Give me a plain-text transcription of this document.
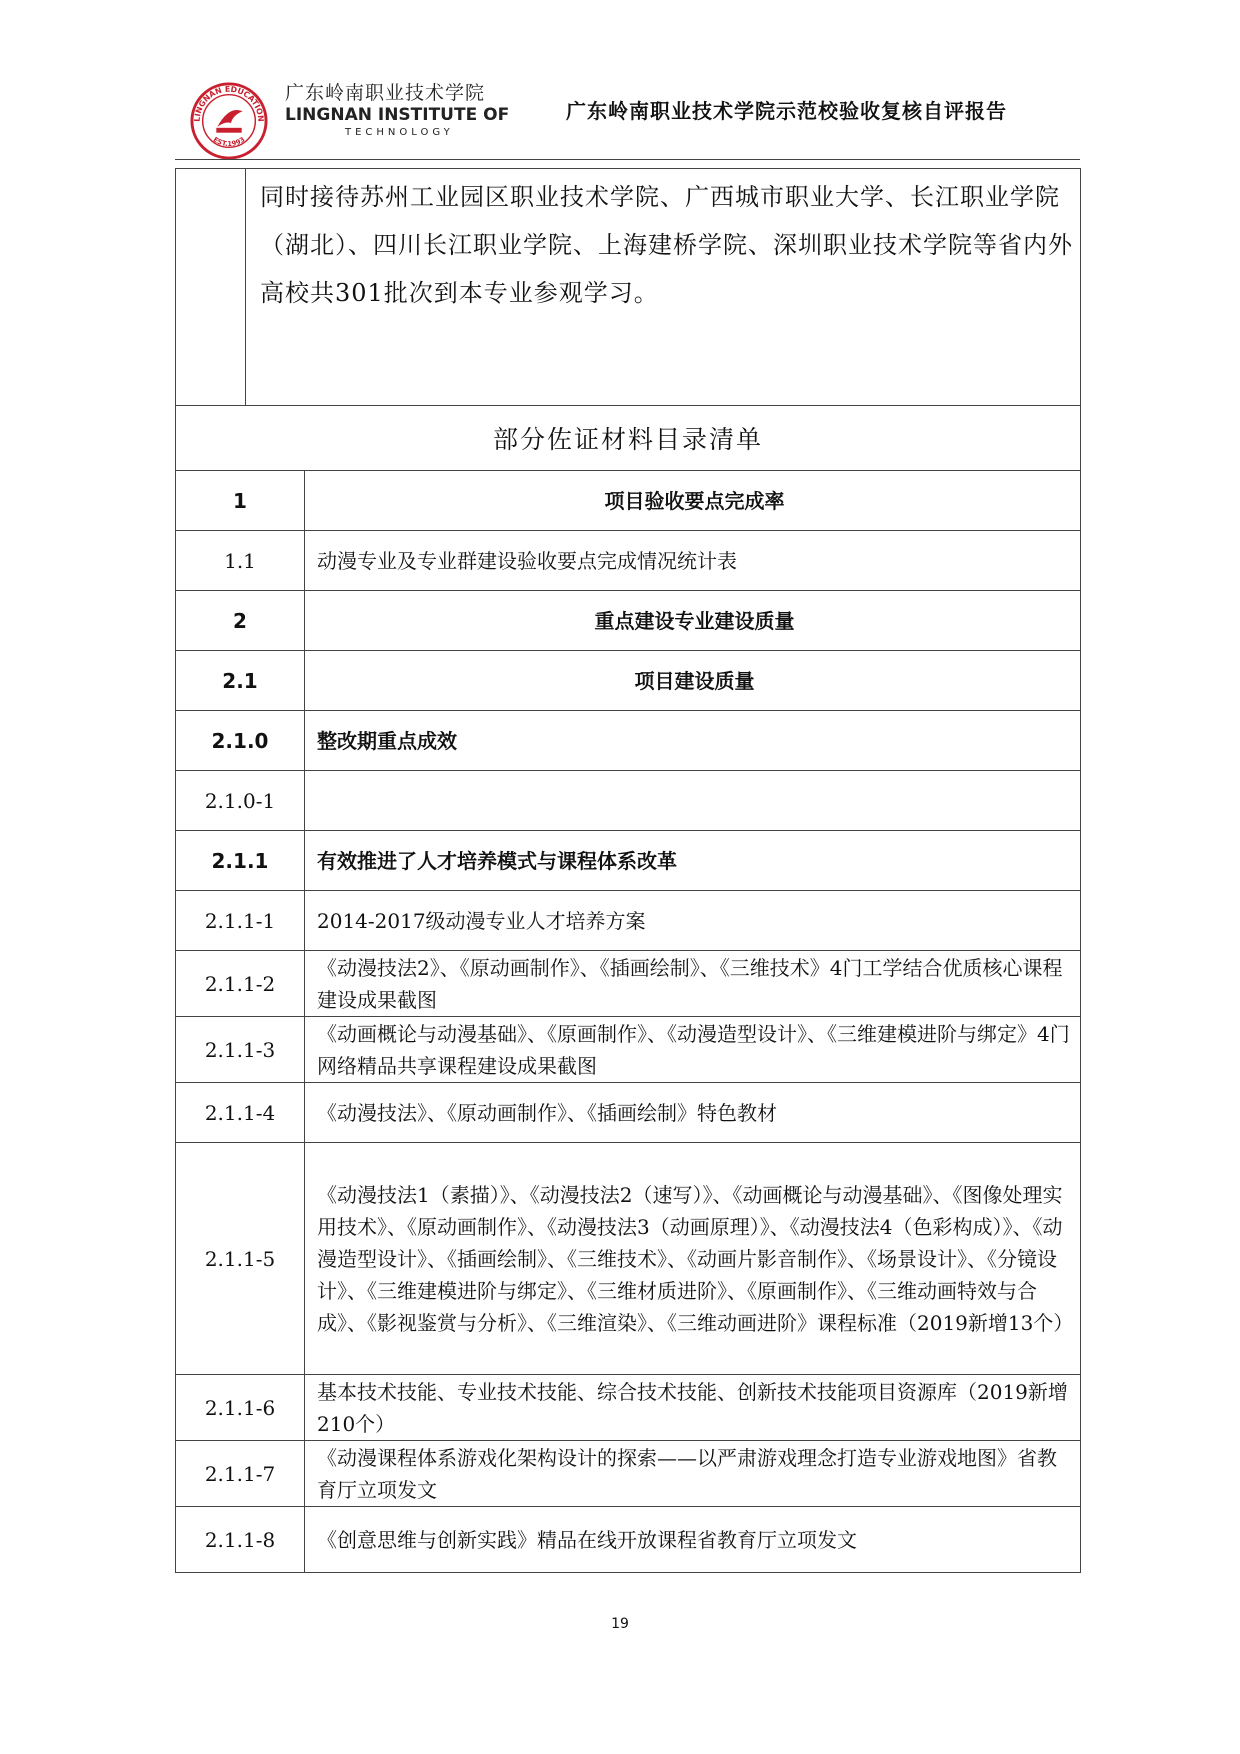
LINGNAN EDUCATION
EST.1993
广东岭南职业技术学院
LINGNAN INSTITUTE OF
TECHNOLOGY
广东岭南职业技术学院示范校验收复核自评报告
	同时接待苏州工业园区职业技术学院、广西城市职业大学、长江职业学院（湖北）、四川长江职业学院、上海建桥学院、深圳职业技术学院等省内外高校共301批次到本专业参观学习。	
部分佐证材料目录清单		
1		项目验收要点完成率
1.1		动漫专业及专业群建设验收要点完成情况统计表
2		重点建设专业建设质量
2.1		项目建设质量
2.1.0		整改期重点成效
2.1.0-1		
2.1.1		有效推进了人才培养模式与课程体系改革
2.1.1-1		2014-2017级动漫专业人才培养方案
2.1.1-2		《动漫技法2》、《原动画制作》、《插画绘制》、《三维技术》4门工学结合优质核心课程建设成果截图
2.1.1-3		《动画概论与动漫基础》、《原画制作》、《动漫造型设计》、《三维建模进阶与绑定》4门网络精品共享课程建设成果截图
2.1.1-4		《动漫技法》、《原动画制作》、《插画绘制》特色教材
2.1.1-5		《动漫技法1（素描）》、《动漫技法2（速写）》、《动画概论与动漫基础》、《图像处理实用技术》、《原动画制作》、《动漫技法3（动画原理）》、《动漫技法4（色彩构成）》、《动漫造型设计》、《插画绘制》、《三维技术》、《动画片影音制作》、《场景设计》、《分镜设计》、《三维建模进阶与绑定》、《三维材质进阶》、《原画制作》、《三维动画特效与合成》、《影视鉴赏与分析》、《三维渲染》、《三维动画进阶》课程标准（2019新增13个）
2.1.1-6		基本技术技能、专业技术技能、综合技术技能、创新技术技能项目资源库（2019新增210个）
2.1.1-7		《动漫课程体系游戏化架构设计的探索——以严肃游戏理念打造专业游戏地图》省教育厅立项发文
2.1.1-8		《创意思维与创新实践》精品在线开放课程省教育厅立项发文
19
